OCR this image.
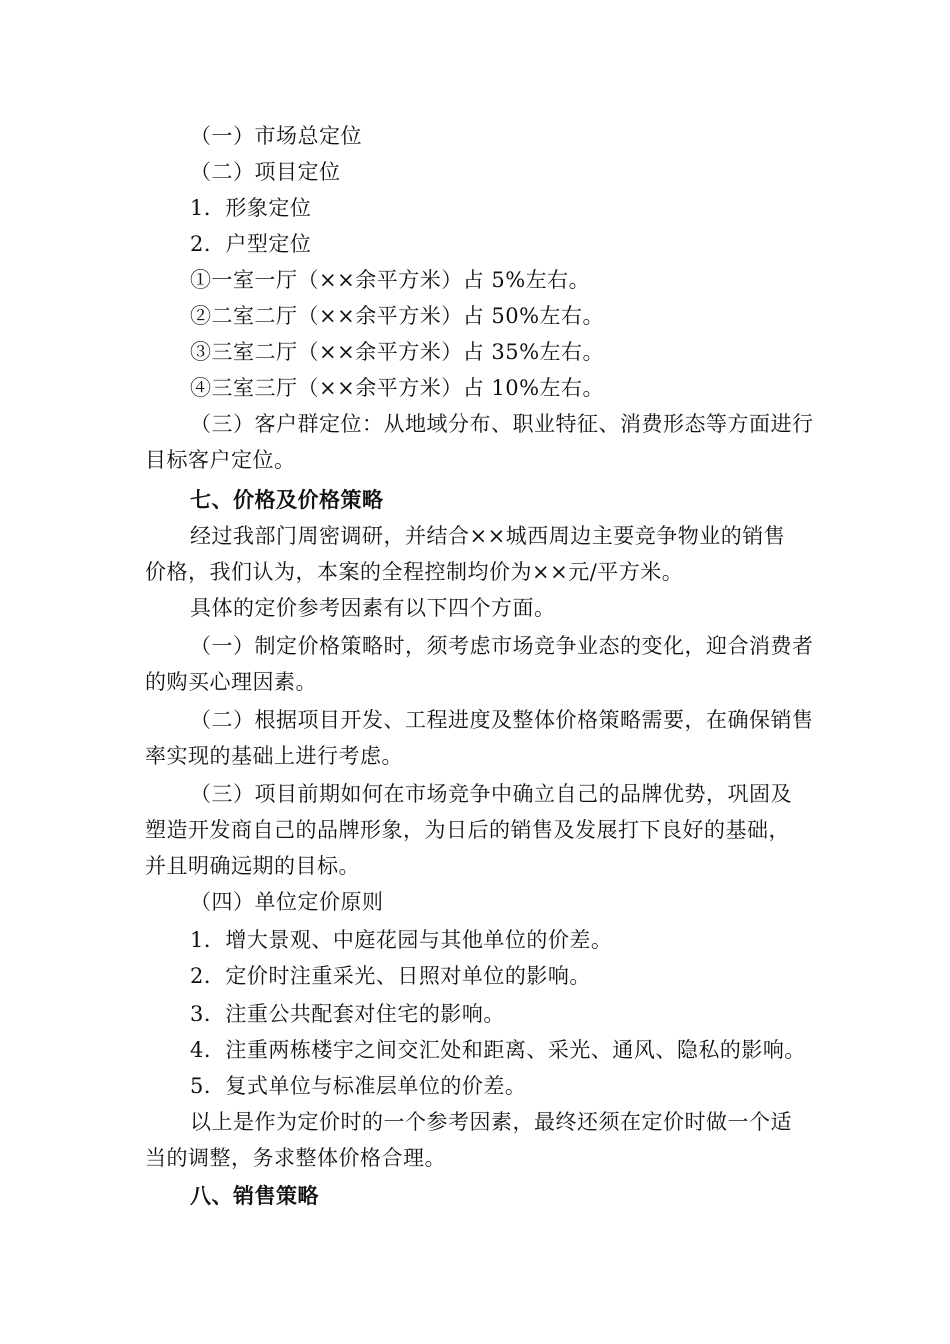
（一）市场总定位
（二）项目定位
1．形象定位
2．户型定位
①一室一厅（××余平方米）占 5%左右。
②二室二厅（××余平方米）占 50%左右。
③三室二厅（××余平方米）占 35%左右。
④三室三厅（××余平方米）占 10%左右。
（三）客户群定位：从地域分布、职业特征、消费形态等方面进行
目标客户定位。
七、价格及价格策略
经过我部门周密调研，并结合××城西周边主要竞争物业的销售
价格，我们认为，本案的全程控制均价为××元/平方米。
具体的定价参考因素有以下四个方面。
（一）制定价格策略时，须考虑市场竞争业态的变化，迎合消费者
的购买心理因素。
（二）根据项目开发、工程进度及整体价格策略需要，在确保销售
率实现的基础上进行考虑。
（三）项目前期如何在市场竞争中确立自己的品牌优势，巩固及
塑造开发商自己的品牌形象，为日后的销售及发展打下良好的基础，
并且明确远期的目标。
（四）单位定价原则
1．增大景观、中庭花园与其他单位的价差。
2．定价时注重采光、日照对单位的影响。
3．注重公共配套对住宅的影响。
4．注重两栋楼宇之间交汇处和距离、采光、通风、隐私的影响。
5．复式单位与标准层单位的价差。
以上是作为定价时的一个参考因素，最终还须在定价时做一个适
当的调整，务求整体价格合理。
八、销售策略
